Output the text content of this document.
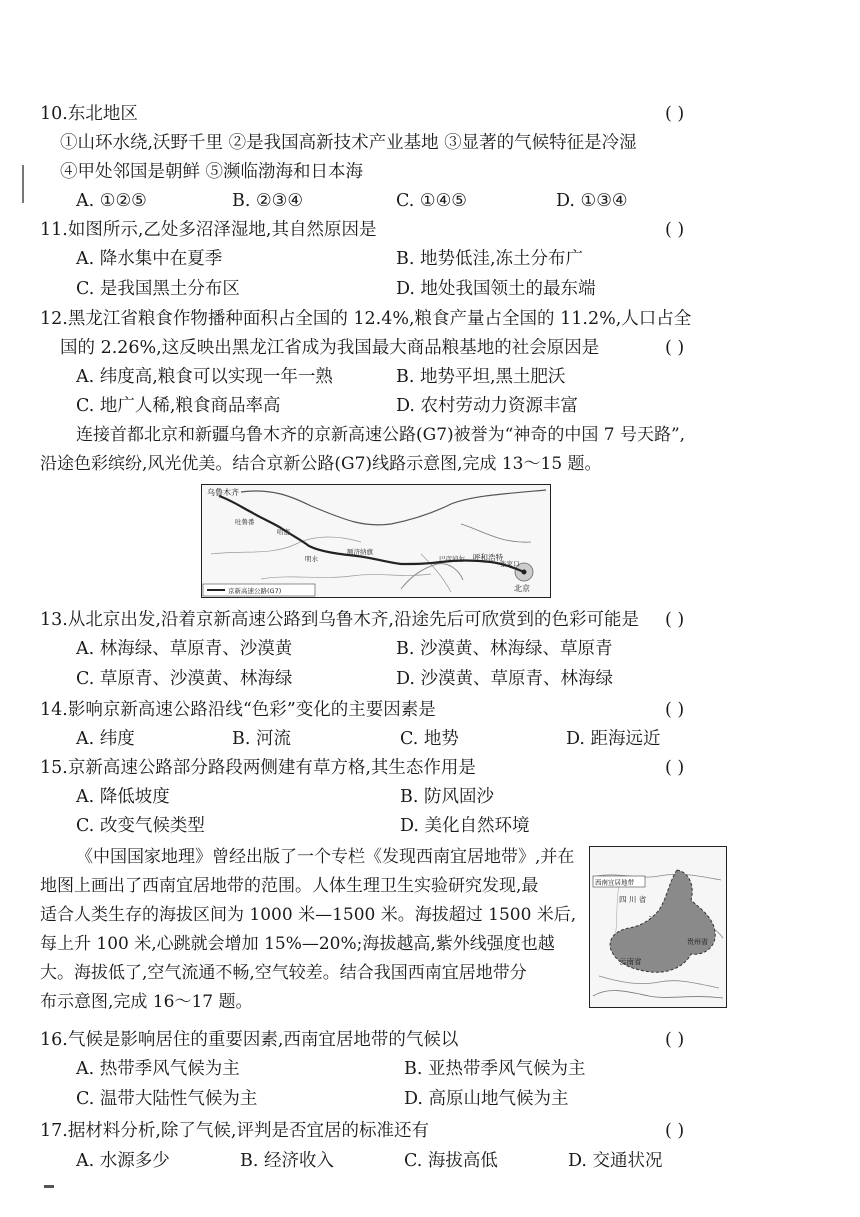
10.东北地区	( )
①山环水绕,沃野千里 ②是我国高新技术产业基地 ③显著的气候特征是冷湿
④甲处邻国是朝鲜 ⑤濒临渤海和日本海
A. ①②⑤	B. ②③④	C. ①④⑤	D. ①③④
11.如图所示,乙处多沼泽湿地,其自然原因是	( )
A. 降水集中在夏季	B. 地势低洼,冻土分布广
C. 是我国黑土分布区	D. 地处我国领土的最东端
12.黑龙江省粮食作物播种面积占全国的 12.4%,粮食产量占全国的 11.2%,人口占全
国的 2.26%,这反映出黑龙江省成为我国最大商品粮基地的社会原因是	( )
A. 纬度高,粮食可以实现一年一熟	B. 地势平坦,黑土肥沃
C. 地广人稀,粮食商品率高	D. 农村劳动力资源丰富
连接首都北京和新疆乌鲁木齐的京新高速公路(G7)被誉为“神奇的中国 7 号天路”,
沿途色彩缤纷,风光优美。结合京新公路(G7)线路示意图,完成 13～15 题。
乌鲁木齐
吐鲁番
哈密
明水
额济纳旗
巴彦淖尔 呼和浩特
张家口
北京
京新高速公路(G7)
13.从北京出发,沿着京新高速公路到乌鲁木齐,沿途先后可欣赏到的色彩可能是 ( )
A. 林海绿、草原青、沙漠黄	B. 沙漠黄、林海绿、草原青
C. 草原青、沙漠黄、林海绿	D. 沙漠黄、草原青、林海绿
14.影响京新高速公路沿线“色彩”变化的主要因素是	( )
A. 纬度	B. 河流	C. 地势	D. 距海远近
15.京新高速公路部分路段两侧建有草方格,其生态作用是	( )
A. 降低坡度	B. 防风固沙
C. 改变气候类型	D. 美化自然环境
《中国国家地理》曾经出版了一个专栏《发现西南宜居地带》,并在
地图上画出了西南宜居地带的范围。人体生理卫生实验研究发现,最
适合人类生存的海拔区间为 1000 米—1500 米。海拔超过 1500 米后,
每上升 100 米,心跳就会增加 15%—20%;海拔越高,紫外线强度也越
大。海拔低了,空气流通不畅,空气较差。结合我国西南宜居地带分
布示意图,完成 16～17 题。
西南宜居地带
四 川 省
贵州省
云南省
16.气候是影响居住的重要因素,西南宜居地带的气候以	( )
A. 热带季风气候为主	B. 亚热带季风气候为主
C. 温带大陆性气候为主	D. 高原山地气候为主
17.据材料分析,除了气候,评判是否宜居的标准还有	( )
A. 水源多少	B. 经济收入	C. 海拔高低	D. 交通状况
